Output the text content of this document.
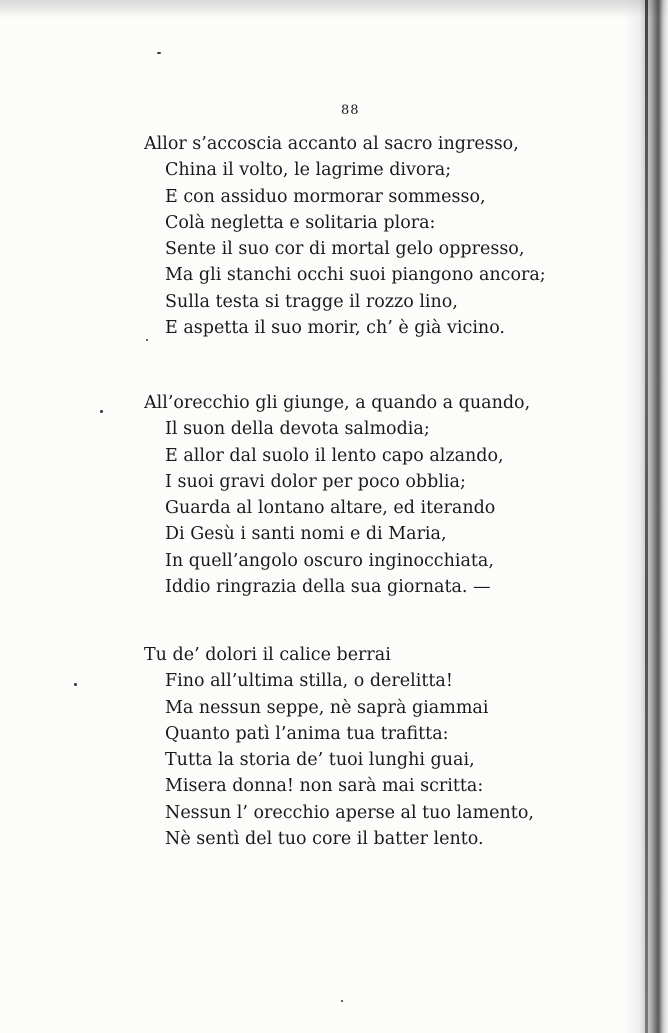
88
Allor s’accoscia accanto al sacro ingresso,
China il volto, le lagrime divora;
E con assiduo mormorar sommesso,
Colà negletta e solitaria plora:
Sente il suo cor di mortal gelo oppresso,
Ma gli stanchi occhi suoi piangono ancora;
Sulla testa si tragge il rozzo lino,
E aspetta il suo morir, ch’ è già vicino.
All’orecchio gli giunge, a quando a quando,
Il suon della devota salmodia;
E allor dal suolo il lento capo alzando,
I suoi gravi dolor per poco obblia;
Guarda al lontano altare, ed iterando
Di Gesù i santi nomi e di Maria,
In quell’angolo oscuro inginocchiata,
Iddio ringrazia della sua giornata. —
Tu de’ dolori il calice berrai
Fino all’ultima stilla, o derelitta!
Ma nessun seppe, nè saprà giammai
Quanto patì l’anima tua trafitta:
Tutta la storia de’ tuoi lunghi guai,
Misera donna! non sarà mai scritta:
Nessun l’ orecchio aperse al tuo lamento,
Nè sentì del tuo core il batter lento.
